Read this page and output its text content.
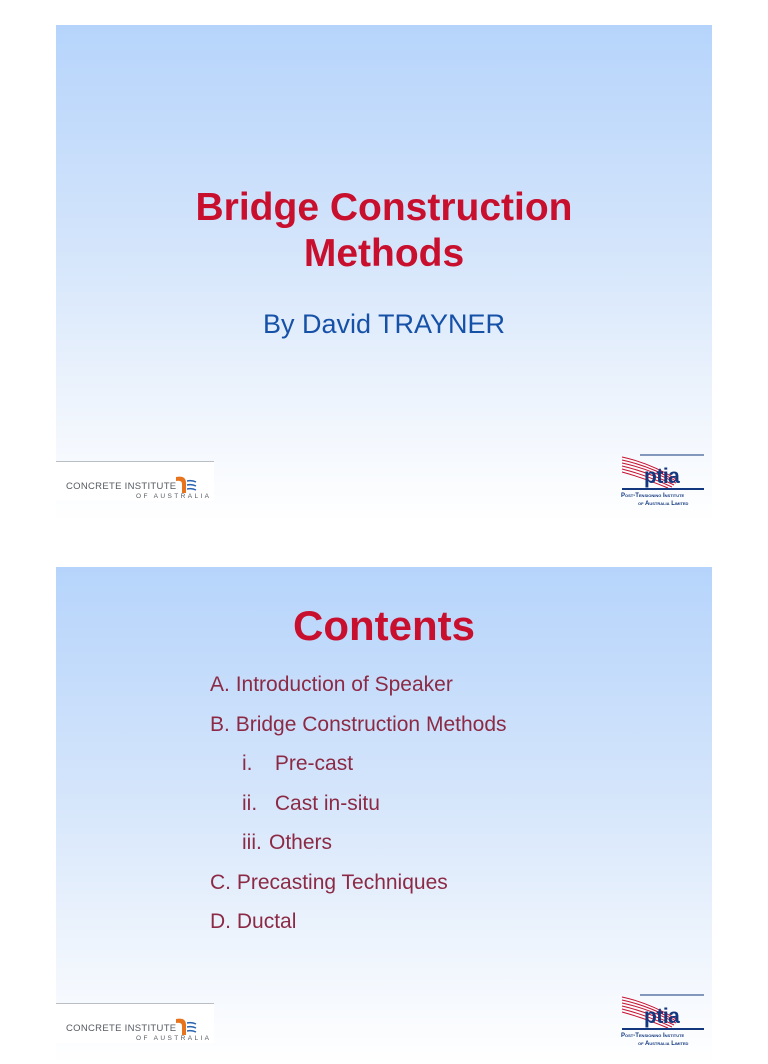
Bridge Construction
Methods
By David TRAYNER
CONCRETE INSTITUTE
OF AUSTRALIA
ptia
Post-Tensioning Institute
of Australia Limited
Contents
A. Introduction of Speaker
B. Bridge Construction Methods
i. Pre-cast
ii. Cast in-situ
iii. Others
C. Precasting Techniques
D. Ductal
CONCRETE INSTITUTE
OF AUSTRALIA
ptia
Post-Tensioning Institute
of Australia Limited
